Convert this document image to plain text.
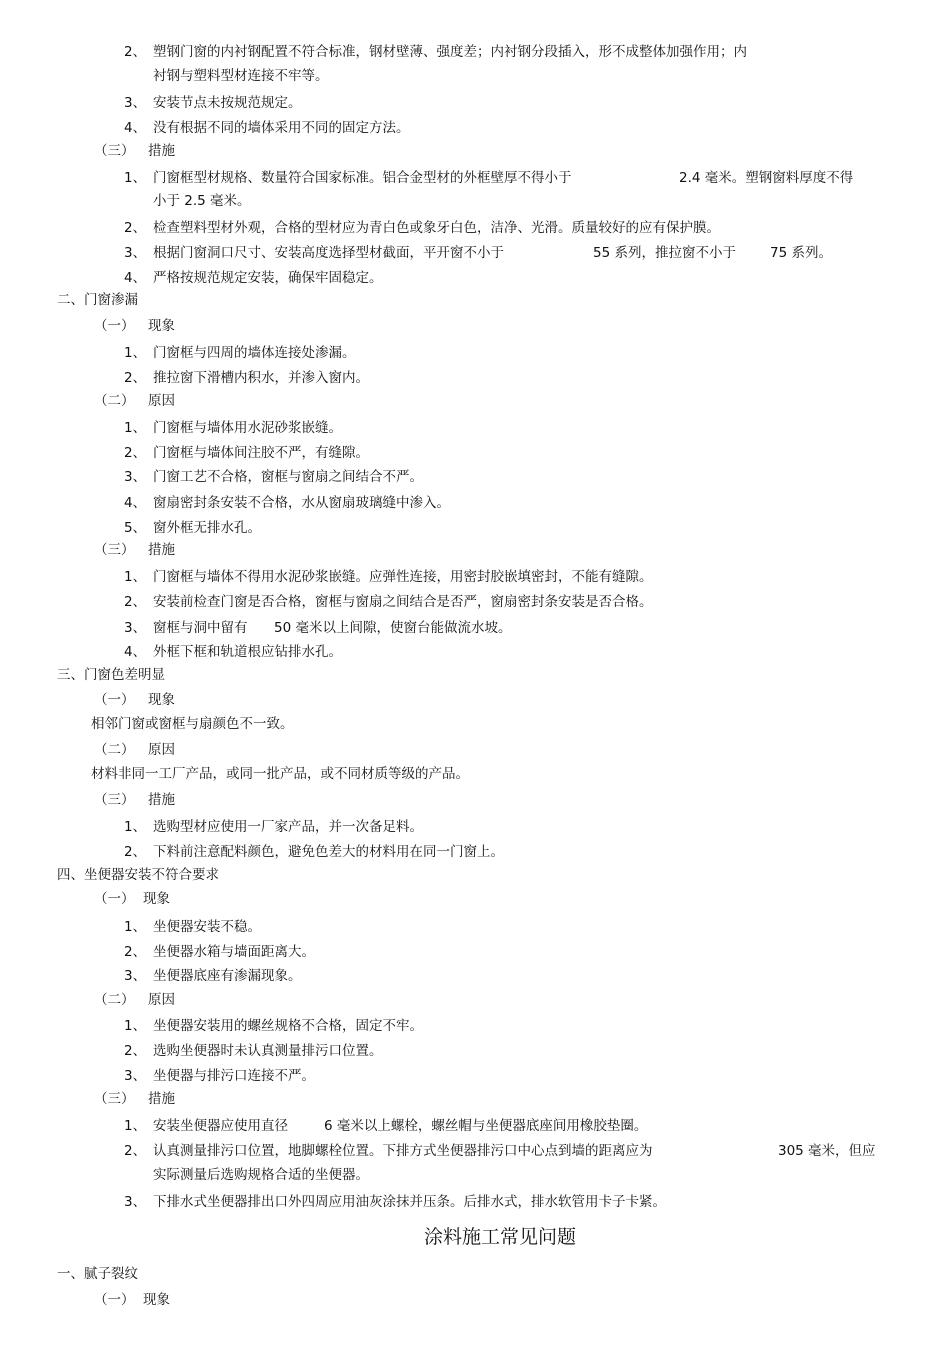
2、 塑钢门窗的内衬钢配置不符合标准，钢材壁薄、强度差；内衬钢分段插入，形不成整体加强作用；内
衬钢与塑料型材连接不牢等。
3、 安装节点未按规范规定。
4、 没有根据不同的墙体采用不同的固定方法。
（三） 措施
1、 门窗框型材规格、数量符合国家标准。铝合金型材的外框壁厚不得小于	2.4 毫米。塑钢窗料厚度不得
小于 2.5 毫米。
2、 检查塑料型材外观，合格的型材应为青白色或象牙白色，洁净、光滑。质量较好的应有保护膜。
3、 根据门窗洞口尺寸、安装高度选择型材截面，平开窗不小于	55 系列，推拉窗不小于	75 系列。
4、 严格按规范规定安装，确保牢固稳定。
二、门窗渗漏
（一） 现象
1、 门窗框与四周的墙体连接处渗漏。
2、 推拉窗下滑槽内积水，并渗入窗内。
（二） 原因
1、 门窗框与墙体用水泥砂浆嵌缝。
2、 门窗框与墙体间注胶不严，有缝隙。
3、 门窗工艺不合格，窗框与窗扇之间结合不严。
4、 窗扇密封条安装不合格，水从窗扇玻璃缝中渗入。
5、 窗外框无排水孔。
（三） 措施
1、 门窗框与墙体不得用水泥砂浆嵌缝。应弹性连接，用密封胶嵌填密封，不能有缝隙。
2、 安装前检查门窗是否合格，窗框与窗扇之间结合是否严，窗扇密封条安装是否合格。
3、 窗框与洞中留有 50 毫米以上间隙，使窗台能做流水坡。
4、 外框下框和轨道根应钻排水孔。
三、门窗色差明显
（一） 现象
相邻门窗或窗框与扇颜色不一致。
（二） 原因
材料非同一工厂产品，或同一批产品，或不同材质等级的产品。
（三） 措施
1、 选购型材应使用一厂家产品，并一次备足料。
2、 下料前注意配料颜色，避免色差大的材料用在同一门窗上。
四、坐便器安装不符合要求
（一） 现象
1、 坐便器安装不稳。
2、 坐便器水箱与墙面距离大。
3、 坐便器底座有渗漏现象。
（二） 原因
1、 坐便器安装用的螺丝规格不合格，固定不牢。
2、 选购坐便器时未认真测量排污口位置。
3、 坐便器与排污口连接不严。
（三） 措施
1、 安装坐便器应使用直径	6 毫米以上螺栓，螺丝帽与坐便器底座间用橡胶垫圈。
2、 认真测量排污口位置，地脚螺栓位置。下排方式坐便器排污口中心点到墙的距离应为	305 毫米，但应
实际测量后选购规格合适的坐便器。
3、 下排水式坐便器排出口外四周应用油灰涂抹并压条。后排水式，排水软管用卡子卡紧。
涂料施工常见问题
一、腻子裂纹
（一） 现象
